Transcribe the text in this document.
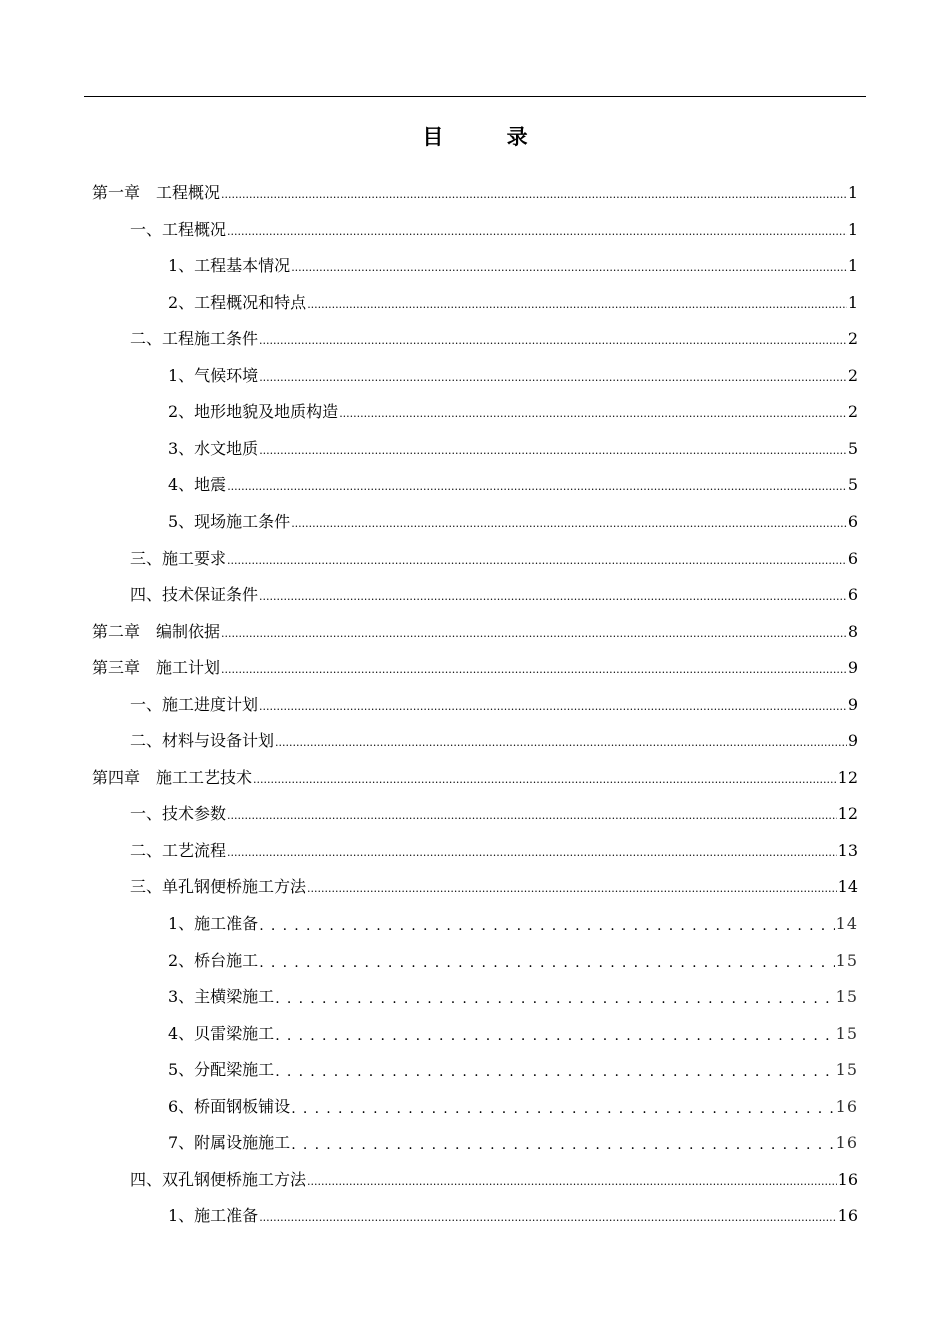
目 录
第一章　工程概况 .....	1
一、工程概况 .....	1
1、工程基本情况 .....	1
2、工程概况和特点 .....	1
二、工程施工条件 .....	2
1、气候环境 .....	2
2、地形地貌及地质构造 .....	2
3、水文地质 .....	5
4、地震 .....	5
5、现场施工条件 .....	6
三、施工要求 .....	6
四、技术保证条件 .....	6
第二章　编制依据 .....	8
第三章　施工计划 .....	9
一、施工进度计划 .....	9
二、材料与设备计划 .....	9
第四章　施工工艺技术 .....	12
一、技术参数 .....	12
二、工艺流程 .....	13
三、单孔钢便桥施工方法 .....	14
1、施工准备 . . .	14
2、桥台施工 . . .	15
3、主横梁施工 . . .	15
4、贝雷梁施工 . . .	15
5、分配梁施工 . . .	15
6、桥面钢板铺设 . . .	16
7、附属设施施工 . . .	16
四、双孔钢便桥施工方法 .....	16
1、施工准备 .....	16
